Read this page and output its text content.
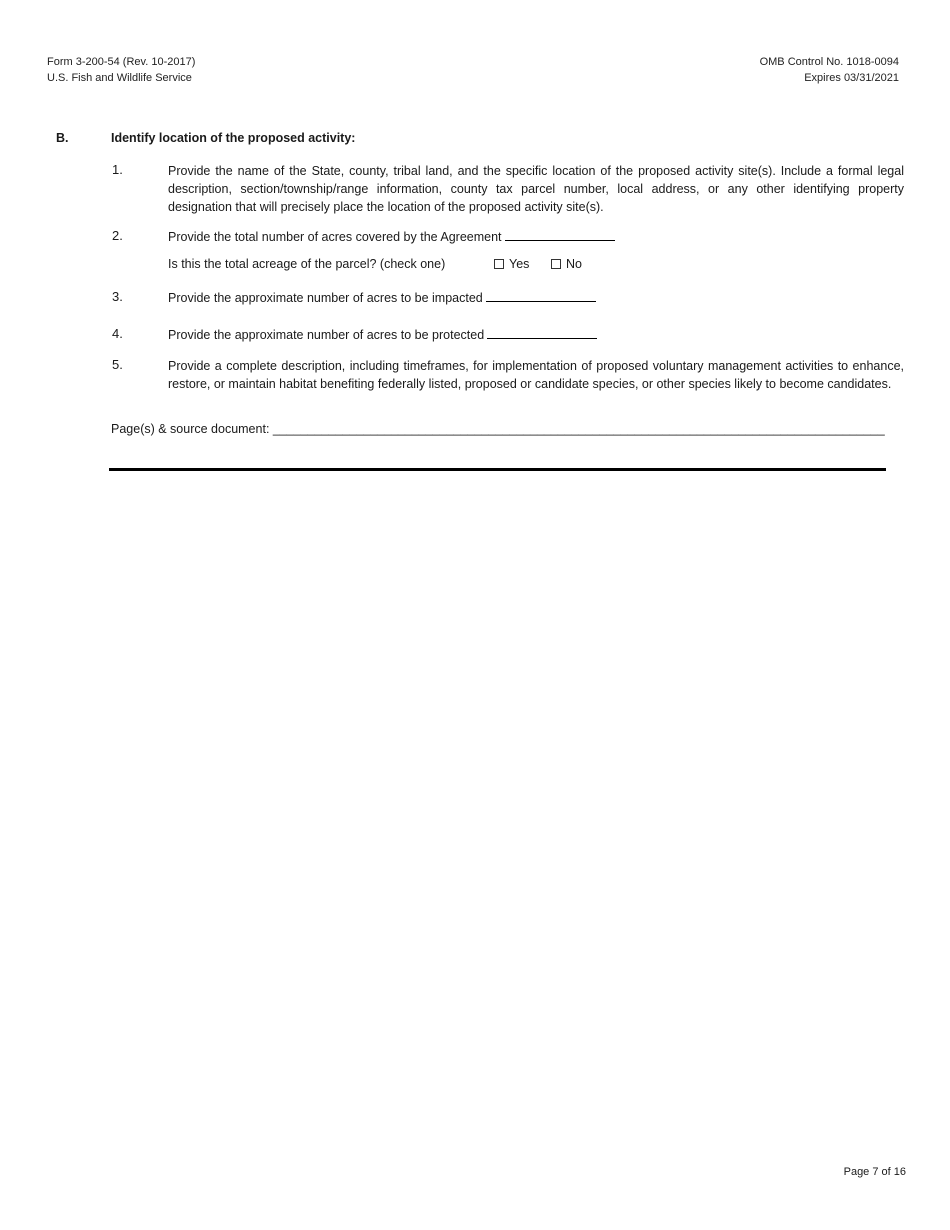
Form 3-200-54 (Rev. 10-2017)
U.S. Fish and Wildlife Service
OMB Control No. 1018-0094
Expires 03/31/2021
B.	Identify location of the proposed activity:
1.	Provide the name of the State, county, tribal land, and the specific location of the proposed activity site(s). Include a formal legal description, section/township/range information, county tax parcel number, local address, or any other identifying property designation that will precisely place the location of the proposed activity site(s).
2.	Provide the total number of acres covered by the Agreement
Is this the total acreage of the parcel? (check one)	Yes	No
3.	Provide the approximate number of acres to be impacted
4.	Provide the approximate number of acres to be protected
5.	Provide a complete description, including timeframes, for implementation of proposed voluntary management activities to enhance, restore, or maintain habitat benefiting federally listed, proposed or candidate species, or other species likely to become candidates.
Page(s) & source document: ________________________________________________________________________________________
Page 7 of 16
